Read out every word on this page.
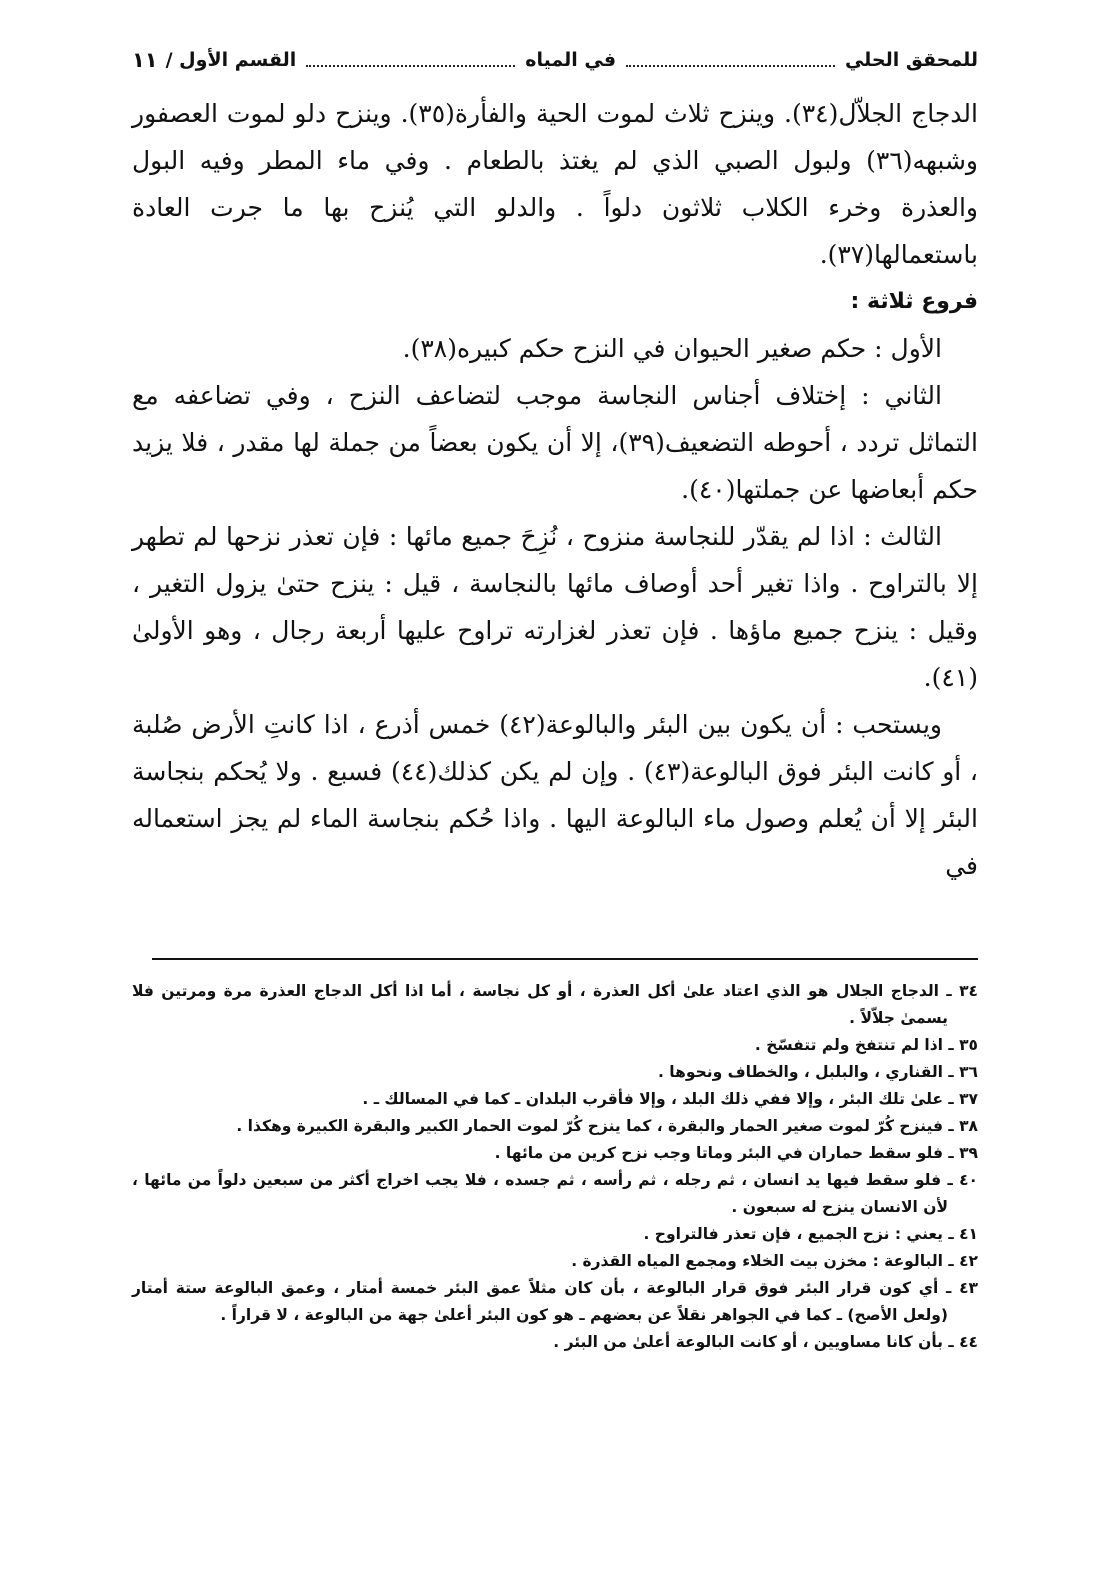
للمحقق الحلي
في المياه
القسم الأول /
١١

الدجاج الجلاّل(٣٤). وينزح ثلاث لموت الحية والفأرة(٣٥). وينزح دلو لموت العصفور وشبهه(٣٦) ولبول الصبي الذي لم يغتذ بالطعام . وفي ماء المطر وفيه البول والعذرة وخرء الكلاب ثلاثون دلواً . والدلو التي يُنزح بها ما جرت العادة باستعمالها(٣٧).

فروع ثلاثة :

الأول : حكم صغير الحيوان في النزح حكم كبيره(٣٨).

الثاني : إختلاف أجناس النجاسة موجب لتضاعف النزح ، وفي تضاعفه مع التماثل تردد ، أحوطه التضعيف(٣٩)، إلا أن يكون بعضاً من جملة لها مقدر ، فلا يزيد حكم أبعاضها عن جملتها(٤٠).

الثالث : اذا لم يقدّر للنجاسة منزوح ، نُزِحَ جميع مائها : فإن تعذر نزحها لم تطهر إلا بالتراوح . واذا تغير أحد أوصاف مائها بالنجاسة ، قيل : ينزح حتىٰ يزول التغير ، وقيل : ينزح جميع ماؤها . فإن تعذر لغزارته تراوح عليها أربعة رجال ، وهو الأولىٰ (٤١).

ويستحب : أن يكون بين البئر والبالوعة(٤٢) خمس أذرع ، اذا كانتِ الأرض صُلبة ، أو كانت البئر فوق البالوعة(٤٣) . وإن لم يكن كذلك(٤٤) فسبع . ولا يُحكم بنجاسة البئر إلا أن يُعلم وصول ماء البالوعة اليها . واذا حُكم بنجاسة الماء لم يجز استعماله في

٣٤ ـ الدجاج الجلال هو الذي اعتاد علىٰ أكل العذرة ، أو كل نجاسة ، أما اذا أكل الدجاج العذرة مرة ومرتين فلا يسمىٰ جلاّلاً .

٣٥ ـ اذا لم تنتفخ ولم تتفسّخ .

٣٦ ـ القناري ، والبلبل ، والخطاف ونحوها .

٣٧ ـ علىٰ تلك البئر ، وإلا ففي ذلك البلد ، وإلا فأقرب البلدان ـ كما في المسالك ـ .

٣٨ ـ فينزح كُرّ لموت صغير الحمار والبقرة ، كما ينزح كُرّ لموت الحمار الكبير والبقرة الكبيرة وهكذا .

٣٩ ـ فلو سقط حماران في البئر وماتا وجب نزح كرين من مائها .

٤٠ ـ فلو سقط فيها يد انسان ، ثم رجله ، ثم رأسه ، ثم جسده ، فلا يجب اخراج أكثر من سبعين دلواً من مائها ، لأن الانسان ينزح له سبعون .

٤١ ـ يعني : نزح الجميع ، فإن تعذر فالتراوح .

٤٢ ـ البالوعة : مخزن بيت الخلاء ومجمع المياه القذرة .

٤٣ ـ أي كون قرار البئر فوق قرار البالوعة ، بأن كان مثلاً عمق البئر خمسة أمتار ، وعمق البالوعة ستة أمتار (ولعل الأصح) ـ كما في الجواهر نقلاً عن بعضهم ـ هو كون البئر أعلىٰ جهة من البالوعة ، لا قراراً .

٤٤ ـ بأن كانا مساويين ، أو كانت البالوعة أعلىٰ من البئر .
